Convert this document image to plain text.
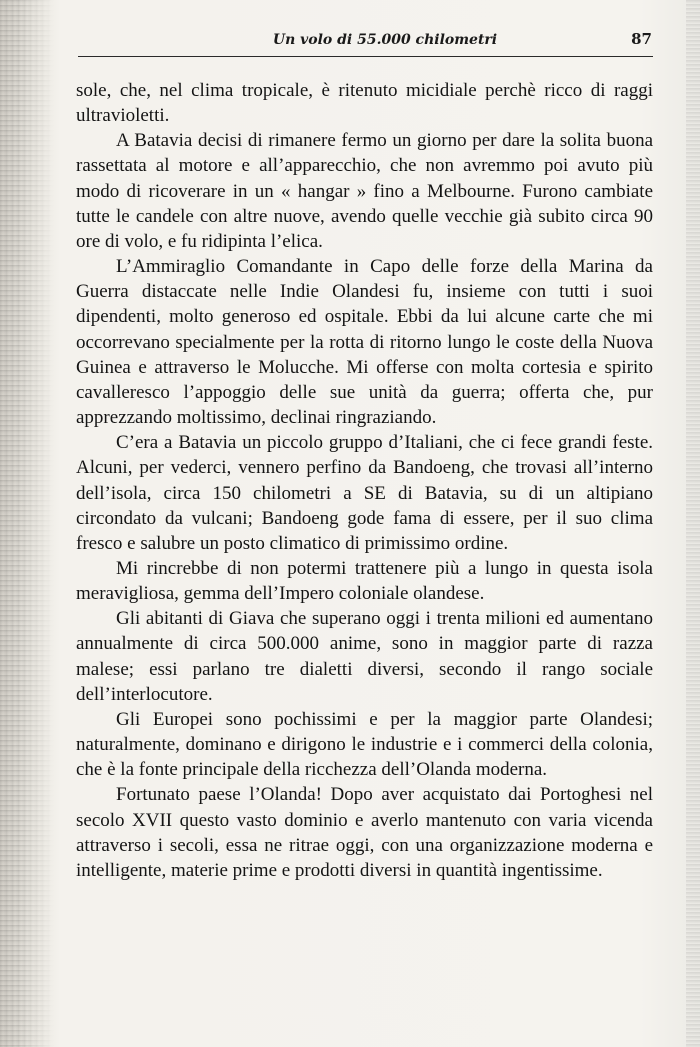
Un volo di 55.000 chilometri	87

sole, che, nel clima tropicale, è ritenuto micidiale perchè ricco di raggi ultravioletti.

A Batavia decisi di rimanere fermo un giorno per dare la solita buona rassettata al motore e all’apparecchio, che non avremmo poi avuto più modo di ricoverare in un « hangar » fino a Melbourne. Furono cambiate tutte le candele con altre nuove, avendo quelle vecchie già subito circa 90 ore di volo, e fu ridipinta l’elica.

L’Ammiraglio Comandante in Capo delle forze della Marina da Guerra distaccate nelle Indie Olandesi fu, insieme con tutti i suoi dipendenti, molto generoso ed ospitale. Ebbi da lui alcune carte che mi occorrevano specialmente per la rotta di ritorno lungo le coste della Nuova Guinea e attraverso le Molucche. Mi offerse con molta cortesia e spirito cavalleresco l’appoggio delle sue unità da guerra; offerta che, pur apprezzando moltissimo, declinai ringraziando.

C’era a Batavia un piccolo gruppo d’Italiani, che ci fece grandi feste. Alcuni, per vederci, vennero perfino da Bandoeng, che trovasi all’interno dell’isola, circa 150 chilometri a SE di Batavia, su di un altipiano circondato da vulcani; Bandoeng gode fama di essere, per il suo clima fresco e salubre un posto climatico di primissimo ordine.

Mi rincrebbe di non potermi trattenere più a lungo in questa isola meravigliosa, gemma dell’Impero coloniale olandese.

Gli abitanti di Giava che superano oggi i trenta milioni ed aumentano annualmente di circa 500.000 anime, sono in maggior parte di razza malese; essi parlano tre dialetti diversi, secondo il rango sociale dell’interlocutore.

Gli Europei sono pochissimi e per la maggior parte Olandesi; naturalmente, dominano e dirigono le industrie e i commerci della colonia, che è la fonte principale della ricchezza dell’Olanda moderna.

Fortunato paese l’Olanda! Dopo aver acquistato dai Portoghesi nel secolo XVII questo vasto dominio e averlo mantenuto con varia vicenda attraverso i secoli, essa ne ritrae oggi, con una organizzazione moderna e intelligente, materie prime e prodotti diversi in quantità ingentissime.
